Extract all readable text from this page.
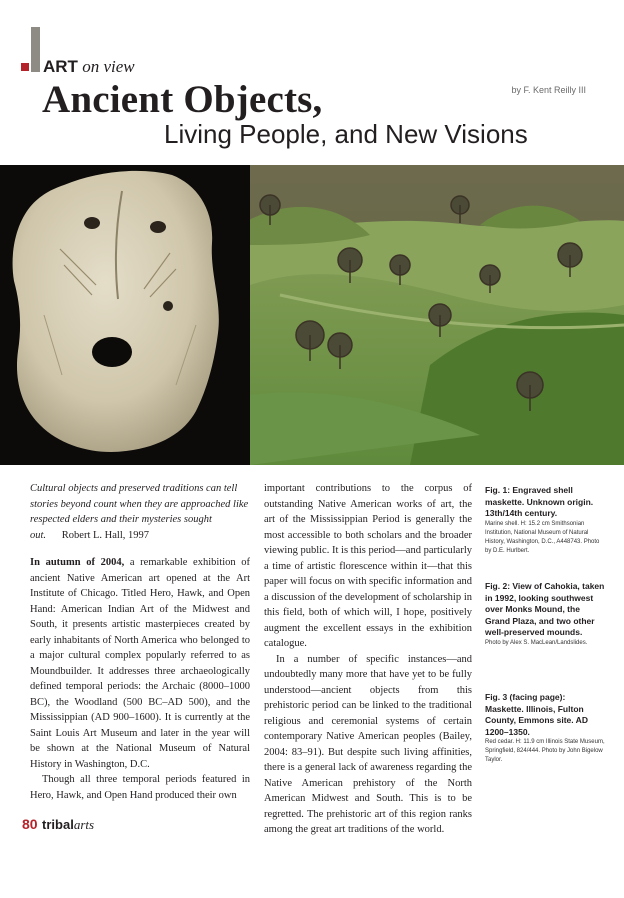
ART on view
Ancient Objects,	by F. Kent Reilly III
Living People, and New Visions

Cultural objects and preserved traditions can tell stories beyond count when they are approached like respected elders and their mysteries sought out. Robert L. Hall, 1997

In autumn of 2004, a remarkable exhibition of ancient Native American art opened at the Art Institute of Chicago. Titled Hero, Hawk, and Open Hand: American Indian Art of the Midwest and South, it presents artistic masterpieces created by early inhabitants of North America who belonged to a major cultural complex popularly referred to as Moundbuilder. It addresses three archaeologically defined temporal periods: the Archaic (8000–1000 BC), the Woodland (500 BC–AD 500), and the Mississippian (AD 900–1600). It is currently at the Saint Louis Art Museum and later in the year will be shown at the National Museum of Natural History in Washington, D.C.

Though all three temporal periods featured in Hero, Hawk, and Open Hand produced their own

important contributions to the corpus of outstanding Native American works of art, the art of the Mississippian Period is generally the most accessible to both scholars and the broader viewing public. It is this period—and particularly a time of artistic florescence within it—that this paper will focus on with specific information and a discussion of the development of scholarship in this field, both of which will, I hope, positively augment the excellent essays in the exhibition catalogue.

In a number of specific instances—and undoubtedly many more that have yet to be fully understood—ancient objects from this prehistoric period can be linked to the traditional religious and ceremonial systems of certain contemporary Native American peoples (Bailey, 2004: 83–91). But despite such living affinities, there is a general lack of awareness regarding the Native American prehistory of the North American Midwest and South. This is to be regretted. The prehistoric art of this region ranks among the great art traditions of the world.

Fig. 1: Engraved shell maskette. Unknown origin. 13th/14th century.
Marine shell. H: 15.2 cm Smithsonian Institution, National Museum of Natural History, Washington, D.C., A448743. Photo by D.E. Hurlbert.
Fig. 2: View of Cahokia, taken in 1992, looking southwest over Monks Mound, the Grand Plaza, and two other well-preserved mounds.
Photo by Alex S. MacLean/Landslides.
Fig. 3 (facing page): Maskette. Illinois, Fulton County, Emmons site. AD 1200–1350.
Red cedar. H: 11.9 cm Illinois State Museum, Springfield, 824/444. Photo by John Bigelow Taylor.
80 tribalarts
